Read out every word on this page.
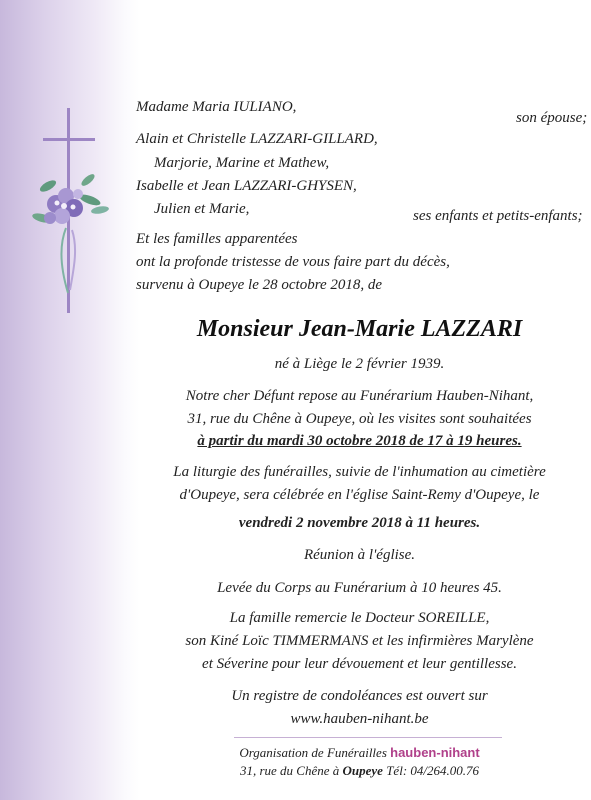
Madame Maria IULIANO,
son épouse;
Alain et Christelle LAZZARI-GILLARD,
Marjorie, Marine et Mathew,
Isabelle et Jean LAZZARI-GHYSEN,
Julien et Marie,	ses enfants et petits-enfants;
Et les familles apparentées
ont la profonde tristesse de vous faire part du décès,
survenu à Oupeye le 28 octobre 2018, de
Monsieur Jean-Marie LAZZARI
né à Liège le 2 février 1939.
Notre cher Défunt repose au Funérarium Hauben-Nihant,
31, rue du Chêne à Oupeye, où les visites sont souhaitées
à partir du mardi 30 octobre 2018 de 17 à 19 heures.
La liturgie des funérailles, suivie de l'inhumation au cimetière
d'Oupeye, sera célébrée en l'église Saint-Remy d'Oupeye, le
vendredi 2 novembre 2018 à 11 heures.
Réunion à l'église.
Levée du Corps au Funérarium à 10 heures 45.
La famille remercie le Docteur SOREILLE,
son Kiné Loïc TIMMERMANS et les infirmières Marylène
et Séverine pour leur dévouement et leur gentillesse.
Un registre de condoléances est ouvert sur
www.hauben-nihant.be
Organisation de Funérailles hauben-nihant
31, rue du Chêne à Oupeye Tél: 04/264.00.76
